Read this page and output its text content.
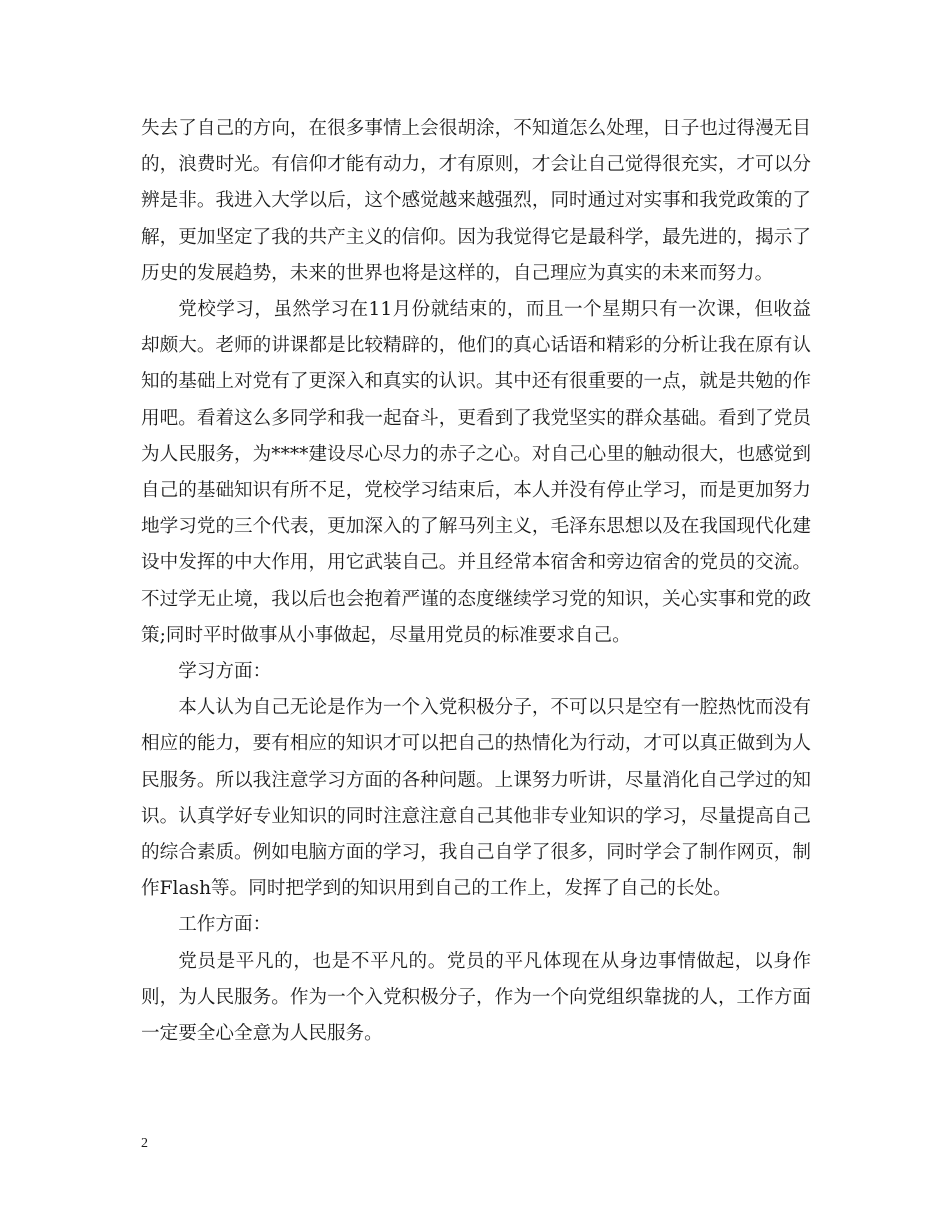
失去了自己的方向，在很多事情上会很胡涂，不知道怎么处理，日子也过得漫无目的，浪费时光。有信仰才能有动力，才有原则，才会让自己觉得很充实，才可以分辨是非。我进入大学以后，这个感觉越来越强烈，同时通过对实事和我党政策的了解，更加坚定了我的共产主义的信仰。因为我觉得它是最科学，最先进的，揭示了历史的发展趋势，未来的世界也将是这样的，自己理应为真实的未来而努力。

党校学习，虽然学习在11月份就结束的，而且一个星期只有一次课，但收益却颇大。老师的讲课都是比较精辟的，他们的真心话语和精彩的分析让我在原有认知的基础上对党有了更深入和真实的认识。其中还有很重要的一点，就是共勉的作用吧。看着这么多同学和我一起奋斗，更看到了我党坚实的群众基础。看到了党员为人民服务，为****建设尽心尽力的赤子之心。对自己心里的触动很大，也感觉到自己的基础知识有所不足，党校学习结束后，本人并没有停止学习，而是更加努力地学习党的三个代表，更加深入的了解马列主义，毛泽东思想以及在我国现代化建设中发挥的中大作用，用它武装自己。并且经常本宿舍和旁边宿舍的党员的交流。不过学无止境，我以后也会抱着严谨的态度继续学习党的知识，关心实事和党的政策;同时平时做事从小事做起，尽量用党员的标准要求自己。

学习方面：

本人认为自己无论是作为一个入党积极分子，不可以只是空有一腔热忱而没有相应的能力，要有相应的知识才可以把自己的热情化为行动，才可以真正做到为人民服务。所以我注意学习方面的各种问题。上课努力听讲，尽量消化自己学过的知识。认真学好专业知识的同时注意注意自己其他非专业知识的学习，尽量提高自己的综合素质。例如电脑方面的学习，我自己自学了很多，同时学会了制作网页，制作Flash等。同时把学到的知识用到自己的工作上，发挥了自己的长处。

工作方面：

党员是平凡的，也是不平凡的。党员的平凡体现在从身边事情做起，以身作则，为人民服务。作为一个入党积极分子，作为一个向党组织靠拢的人，工作方面一定要全心全意为人民服务。

2
